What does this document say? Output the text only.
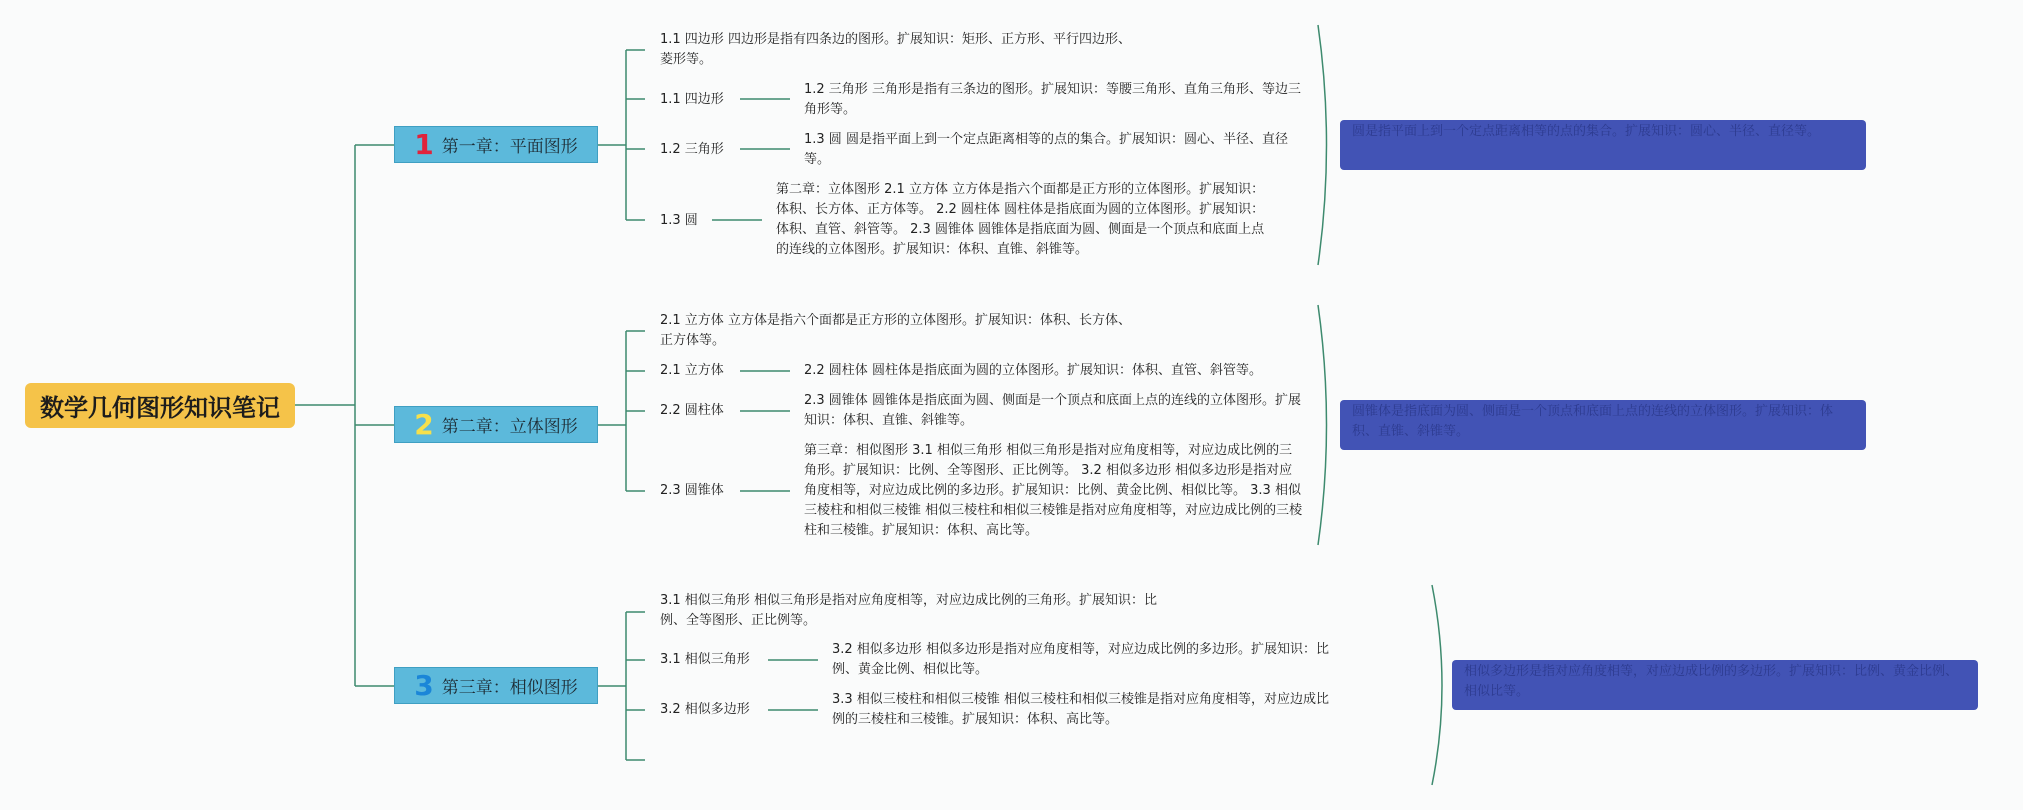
数学几何图形知识笔记
1 第一章：平面图形
1.1 四边形 四边形是指有四条边的图形。扩展知识：矩形、正方形、平行四边形、菱形等。
1.1 四边形
1.2 三角形
1.3 圆
1.2 三角形 三角形是指有三条边的图形。扩展知识：等腰三角形、直角三角形、等边三角形等。
1.3 圆 圆是指平面上到一个定点距离相等的点的集合。扩展知识：圆心、半径、直径等。
第二章：立体图形 2.1 立方体 立方体是指六个面都是正方形的立体图形。扩展知识：体积、长方体、正方体等。 2.2 圆柱体 圆柱体是指底面为圆的立体图形。扩展知识：体积、直管、斜管等。 2.3 圆锥体 圆锥体是指底面为圆、侧面是一个顶点和底面上点的连线的立体图形。扩展知识：体积、直锥、斜锥等。
圆是指平面上到一个定点距离相等的点的集合。扩展知识：圆心、半径、直径等。
2 第二章：立体图形
2.1 立方体 立方体是指六个面都是正方形的立体图形。扩展知识：体积、长方体、正方体等。
2.1 立方体
2.2 圆柱体
2.3 圆锥体
2.2 圆柱体 圆柱体是指底面为圆的立体图形。扩展知识：体积、直管、斜管等。
2.3 圆锥体 圆锥体是指底面为圆、侧面是一个顶点和底面上点的连线的立体图形。扩展知识：体积、直锥、斜锥等。
第三章：相似图形 3.1 相似三角形 相似三角形是指对应角度相等，对应边成比例的三角形。扩展知识：比例、全等图形、正比例等。 3.2 相似多边形 相似多边形是指对应角度相等，对应边成比例的多边形。扩展知识：比例、黄金比例、相似比等。 3.3 相似三棱柱和相似三棱锥 相似三棱柱和相似三棱锥是指对应角度相等，对应边成比例的三棱柱和三棱锥。扩展知识：体积、高比等。
圆锥体是指底面为圆、侧面是一个顶点和底面上点的连线的立体图形。扩展知识：体积、直锥、斜锥等。
3 第三章：相似图形
3.1 相似三角形 相似三角形是指对应角度相等，对应边成比例的三角形。扩展知识：比例、全等图形、正比例等。
3.1 相似三角形
3.2 相似多边形
3.2 相似多边形 相似多边形是指对应角度相等，对应边成比例的多边形。扩展知识：比例、黄金比例、相似比等。
3.3 相似三棱柱和相似三棱锥 相似三棱柱和相似三棱锥是指对应角度相等，对应边成比例的三棱柱和三棱锥。扩展知识：体积、高比等。
相似多边形是指对应角度相等，对应边成比例的多边形。扩展知识：比例、黄金比例、相似比等。
